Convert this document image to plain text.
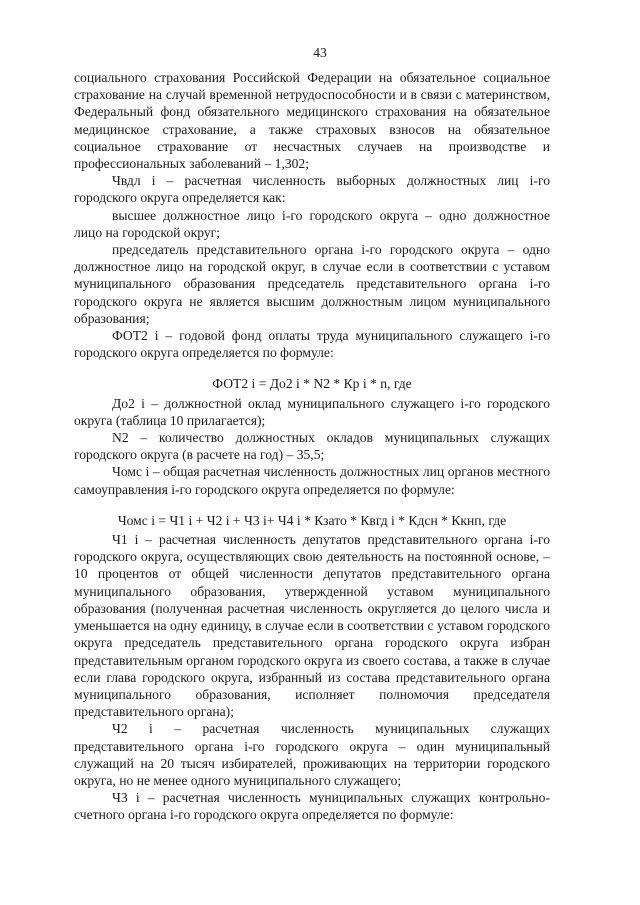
43

социального страхования Российской Федерации на обязательное социальное страхование на случай временной нетрудоспособности и в связи с материнством, Федеральный фонд обязательного медицинского страхования на обязательное медицинское страхование, а также страховых взносов на обязательное социальное страхование от несчастных случаев на производстве и профессиональных заболеваний – 1,302;

Чвдл i – расчетная численность выборных должностных лиц i-го городского округа определяется как:

высшее должностное лицо i-го городского округа – одно должностное лицо на городской округ;

председатель представительного органа i-го городского округа – одно должностное лицо на городской округ, в случае если в соответствии с уставом муниципального образования председатель представительного органа i-го городского округа не является высшим должностным лицом муниципального образования;

ФОТ2 i – годовой фонд оплаты труда муниципального служащего i-го городского округа определяется по формуле:

ФОТ2 i = До2 i * N2 * Кр i * n, где

До2 i – должностной оклад муниципального служащего i-го городского округа (таблица 10 прилагается);

N2 – количество должностных окладов муниципальных служащих городского округа (в расчете на год) – 35,5;

Чомс i – общая расчетная численность должностных лиц органов местного самоуправления i-го городского округа определяется по формуле:

Чомс i = Ч1 i + Ч2 i + Ч3 i+ Ч4 i * Кзато * Квгд i * Кдсн * Ккнп, где

Ч1 i – расчетная численность депутатов представительного органа i-го городского округа, осуществляющих свою деятельность на постоянной основе, – 10 процентов от общей численности депутатов представительного органа муниципального образования, утвержденной уставом муниципального образования (полученная расчетная численность округляется до целого числа и уменьшается на одну единицу, в случае если в соответствии с уставом городского округа председатель представительного органа городского округа избран представительным органом городского округа из своего состава, а также в случае если глава городского округа, избранный из состава представительного органа муниципального образования, исполняет полномочия председателя представительного органа);

Ч2 i – расчетная численность муниципальных служащих представительного органа i-го городского округа – один муниципальный служащий на 20 тысяч избирателей, проживающих на территории городского округа, но не менее одного муниципального служащего;

Ч3 i – расчетная численность муниципальных служащих контрольно-счетного органа i-го городского округа определяется по формуле:
